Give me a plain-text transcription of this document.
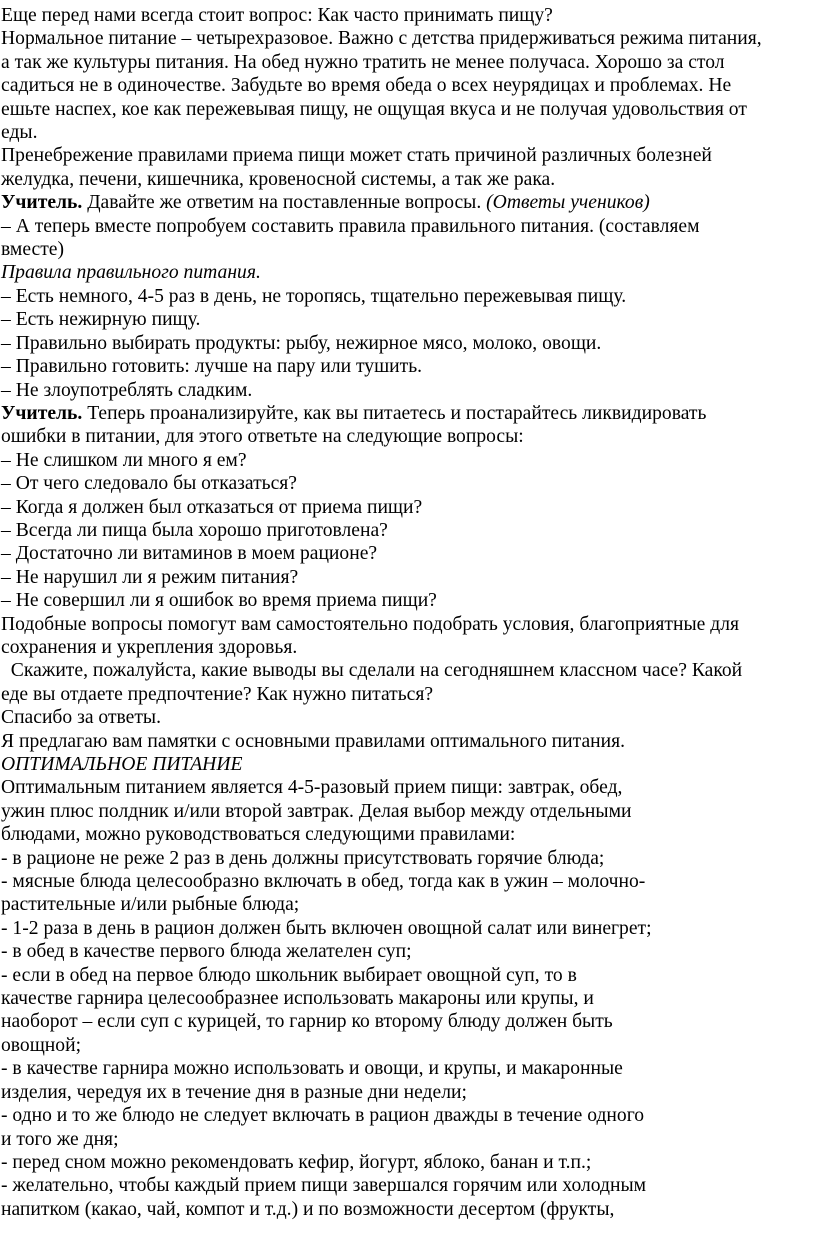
Еще перед нами всегда стоит вопрос: Как часто принимать пищу?
Нормальное питание – четырехразовое. Важно с детства придерживаться режима питания,
а так же культуры питания. На обед нужно тратить не менее получаса. Хорошо за стол
садиться не в одиночестве. Забудьте во время обеда о всех неурядицах и проблемах. Не
ешьте наспех, кое как пережевывая пищу, не ощущая вкуса и не получая удовольствия от
еды.
Пренебрежение правилами приема пищи может стать причиной различных болезней
желудка, печени, кишечника, кровеносной системы, а так же рака.
Учитель. Давайте же ответим на поставленные вопросы. (Ответы учеников)
– А теперь вместе попробуем составить правила правильного питания. (составляем
вместе)
Правила правильного питания.
– Есть немного, 4-5 раз в день, не торопясь, тщательно пережевывая пищу.
– Есть нежирную пищу.
– Правильно выбирать продукты: рыбу, нежирное мясо, молоко, овощи.
– Правильно готовить: лучше на пару или тушить.
– Не злоупотреблять сладким.
Учитель. Теперь проанализируйте, как вы питаетесь и постарайтесь ликвидировать
ошибки в питании, для этого ответьте на следующие вопросы:
– Не слишком ли много я ем?
– От чего следовало бы отказаться?
– Когда я должен был отказаться от приема пищи?
– Всегда ли пища была хорошо приготовлена?
– Достаточно ли витаминов в моем рационе?
– Не нарушил ли я режим питания?
– Не совершил ли я ошибок во время приема пищи?
Подобные вопросы помогут вам самостоятельно подобрать условия, благоприятные для
сохранения и укрепления здоровья.
Скажите, пожалуйста, какие выводы вы сделали на сегодняшнем классном часе? Какой
еде вы отдаете предпочтение? Как нужно питаться?
Спасибо за ответы.
Я предлагаю вам памятки с основными правилами оптимального питания.
ОПТИМАЛЬНОЕ ПИТАНИЕ
Оптимальным питанием является 4-5-разовый прием пищи: завтрак, обед,
ужин плюс полдник и/или второй завтрак. Делая выбор между отдельными
блюдами, можно руководствоваться следующими правилами:
- в рационе не реже 2 раз в день должны присутствовать горячие блюда;
- мясные блюда целесообразно включать в обед, тогда как в ужин – молочно-
растительные и/или рыбные блюда;
- 1-2 раза в день в рацион должен быть включен овощной салат или винегрет;
- в обед в качестве первого блюда желателен суп;
- если в обед на первое блюдо школьник выбирает овощной суп, то в
качестве гарнира целесообразнее использовать макароны или крупы, и
наоборот – если суп с курицей, то гарнир ко второму блюду должен быть
овощной;
- в качестве гарнира можно использовать и овощи, и крупы, и макаронные
изделия, чередуя их в течение дня в разные дни недели;
- одно и то же блюдо не следует включать в рацион дважды в течение одного
и того же дня;
- перед сном можно рекомендовать кефир, йогурт, яблоко, банан и т.п.;
- желательно, чтобы каждый прием пищи завершался горячим или холодным
напитком (какао, чай, компот и т.д.) и по возможности десертом (фрукты,
